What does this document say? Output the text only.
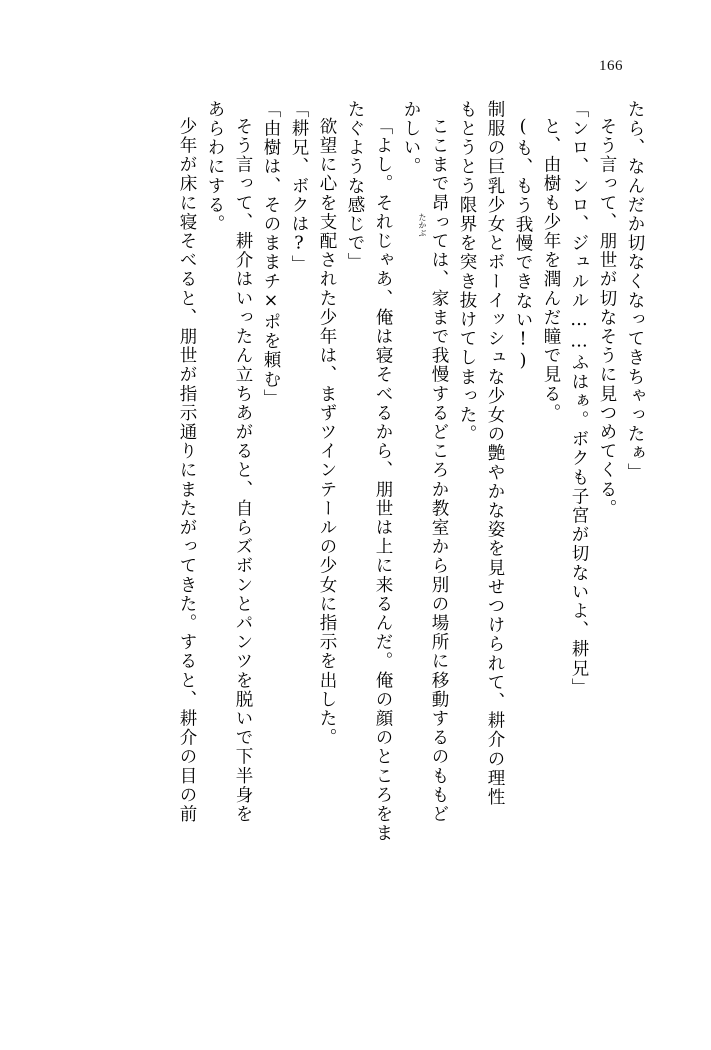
166
たら、なんだか切なくなってきちゃったぁ」
そう言って、朋世が切なそうに見つめてくる。
「ンロ、ンロ、ジュルル……ふはぁ。ボクも子宮が切ないよ、耕兄」
と、由樹も少年を潤んだ瞳で見る。
(も、もう我慢できない!)
制服の巨乳少女とボーイッシュな少女の艶やかな姿を見せつけられて、耕介の理性
もとうとう限界を突き抜けてしまった。
ここまで昂っ
たかぶ
ては、家まで我慢するどころか教室から別の場所に移動するのももど
かしい。
「よし。それじゃあ、俺は寝そべるから、朋世は上に来るんだ。俺の顔のところをま
たぐような感じで」
欲望に心を支配された少年は、まずツインテールの少女に指示を出した。
「耕兄、ボクは?」
「由樹は、そのままチ×ポを頼む」
そう言って、耕介はいったん立ちあがると、自らズボンとパンツを脱いで下半身を
あらわにする。
少年が床に寝そべると、朋世が指示通りにまたがってきた。すると、耕介の目の前
